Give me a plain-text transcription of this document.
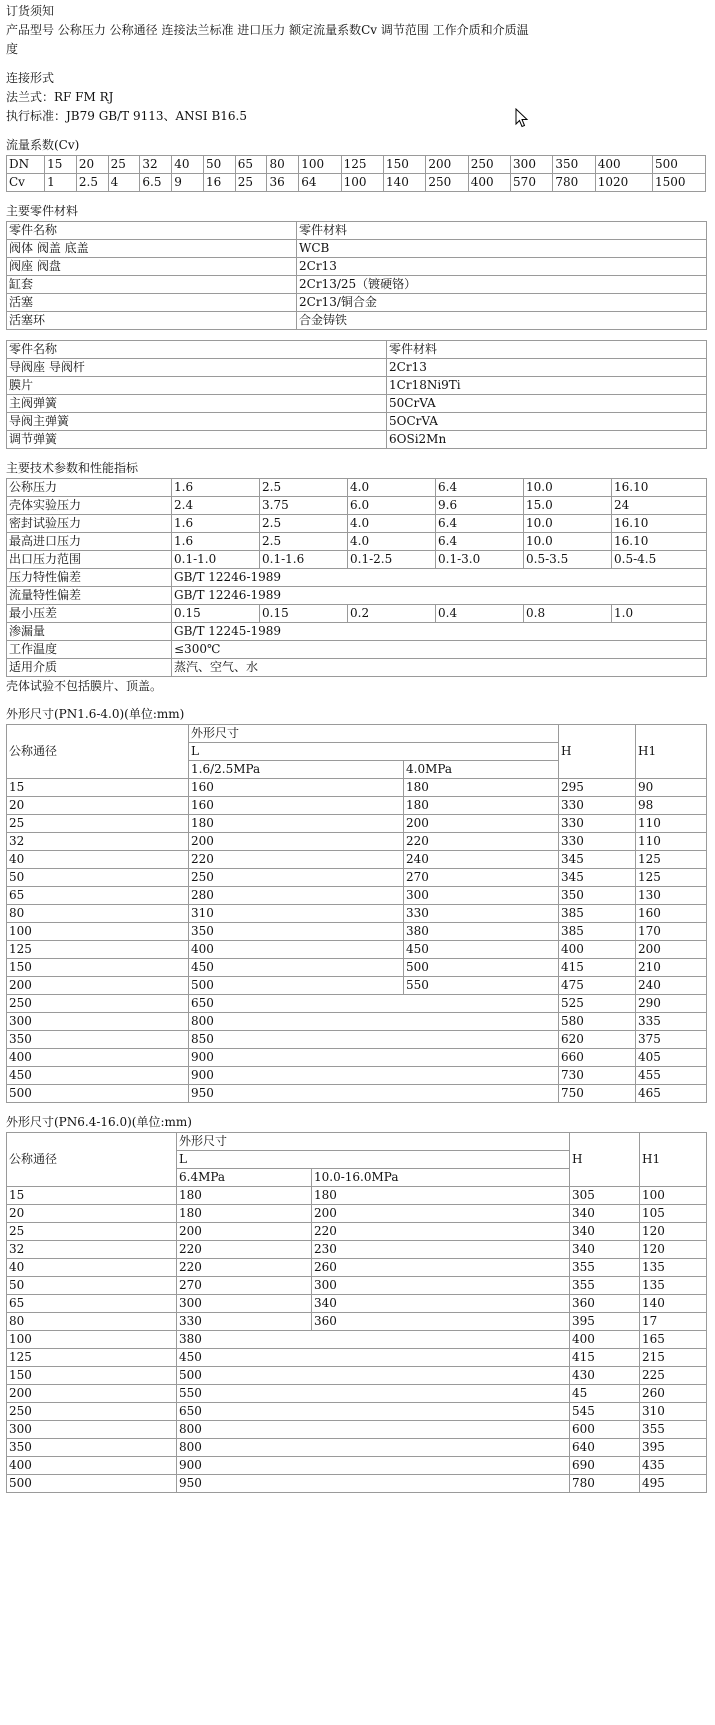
订货须知
产品型号 公称压力 公称通径 连接法兰标准 进口压力 额定流量系数Cv 调节范围 工作介质和介质温
度
连接形式
法兰式：RF FM RJ
执行标准：JB79 GB/T 9113、ANSI B16.5
流量系数(Cv)
DN	15	20	25	32	40	50	65	80	100	125	150	200	250	300	350	400	500
Cv	1	2.5	4	6.5	9	16	25	36	64	100	140	250	400	570	780	1020	1500
主要零件材料
零件名称	零件材料
阀体 阀盖 底盖	WCB
阀座 阀盘	2Cr13
缸套	2Cr13/25（镀硬铬）
活塞	2Cr13/铜合金
活塞环	合金铸铁
零件名称	零件材料
导阀座 导阀杆	2Cr13
膜片	1Cr18Ni9Ti
主阀弹簧	50CrVA
导阀主弹簧	5OCrVA
调节弹簧	6OSi2Mn
主要技术参数和性能指标
公称压力	1.6	2.5	4.0	6.4	10.0	16.10
壳体实验压力	2.4	3.75	6.0	9.6	15.0	24
密封试验压力	1.6	2.5	4.0	6.4	10.0	16.10
最高进口压力	1.6	2.5	4.0	6.4	10.0	16.10
出口压力范围	0.1-1.0	0.1-1.6	0.1-2.5	0.1-3.0	0.5-3.5	0.5-4.5
压力特性偏差	GB/T 12246-1989					
流量特性偏差	GB/T 12246-1989					
最小压差	0.15	0.15	0.2	0.4	0.8	1.0
渗漏量	GB/T 12245-1989					
工作温度	≤300℃					
适用介质	蒸汽、空气、水					
壳体试验不包括膜片、顶盖。
外形尺寸(PN1.6-4.0)(单位:mm)
公称通径	外形尺寸		H	H1
	L			
	1.6/2.5MPa	4.0MPa		
15	160	180	295	90
20	160	180	330	98
25	180	200	330	110
32	200	220	330	110
40	220	240	345	125
50	250	270	345	125
65	280	300	350	130
80	310	330	385	160
100	350	380	385	170
125	400	450	400	200
150	450	500	415	210
200	500	550	475	240
250	650		525	290
300	800		580	335
350	850		620	375
400	900		660	405
450	900		730	455
500	950		750	465
外形尺寸(PN6.4-16.0)(单位:mm)
公称通径	外形尺寸		H	H1
	L			
	6.4MPa	10.0-16.0MPa		
15	180	180	305	100
20	180	200	340	105
25	200	220	340	120
32	220	230	340	120
40	220	260	355	135
50	270	300	355	135
65	300	340	360	140
80	330	360	395	17
100	380		400	165
125	450		415	215
150	500		430	225
200	550		45	260
250	650		545	310
300	800		600	355
350	800		640	395
400	900		690	435
500	950		780	495
